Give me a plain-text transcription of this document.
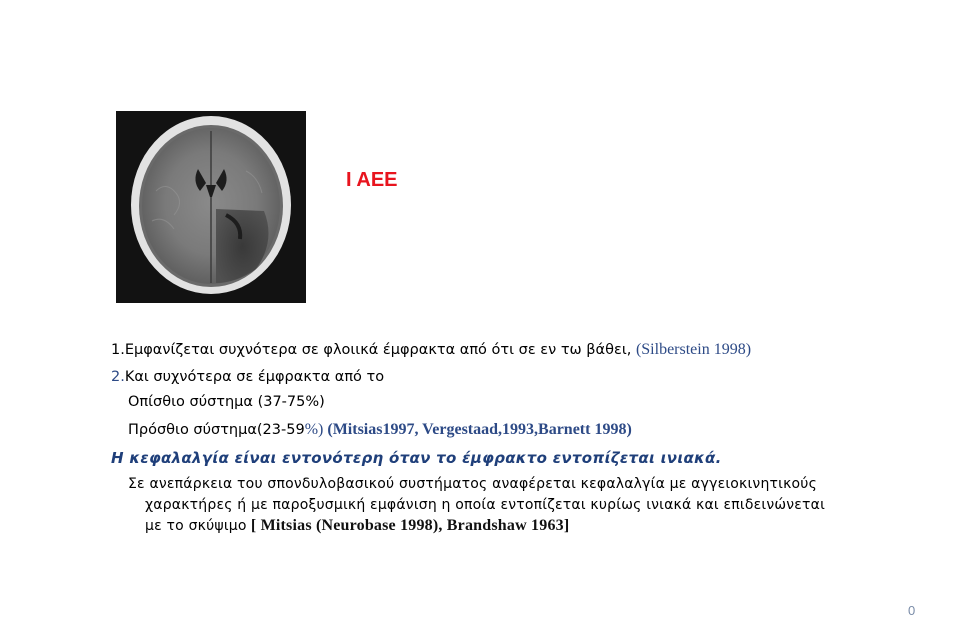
Ι ΑΕΕ
1.Εμφανίζεται συχνότερα σε φλοιικά έμφρακτα από ότι σε εν τω βάθει, (Silberstein 1998)
2.Και συχνότερα σε έμφρακτα από το
Οπίσθιο σύστημα (37-75%)
Πρόσθιο σύστημα(23-59%) (Mitsias1997, Vergestaad,1993,Barnett 1998)
Η κεφαλαλγία είναι εντονότερη όταν το έμφρακτο εντοπίζεται ινιακά.
Σε ανεπάρκεια του σπονδυλοβασικού συστήματος αναφέρεται κεφαλαλγία με αγγειοκινητικούς
χαρακτήρες ή με παροξυσμική εμφάνιση η οποία εντοπίζεται κυρίως ινιακά και επιδεινώνεται
με το σκύψιμο [ Mitsias (Neurobase 1998), Brandshaw 1963]
0
